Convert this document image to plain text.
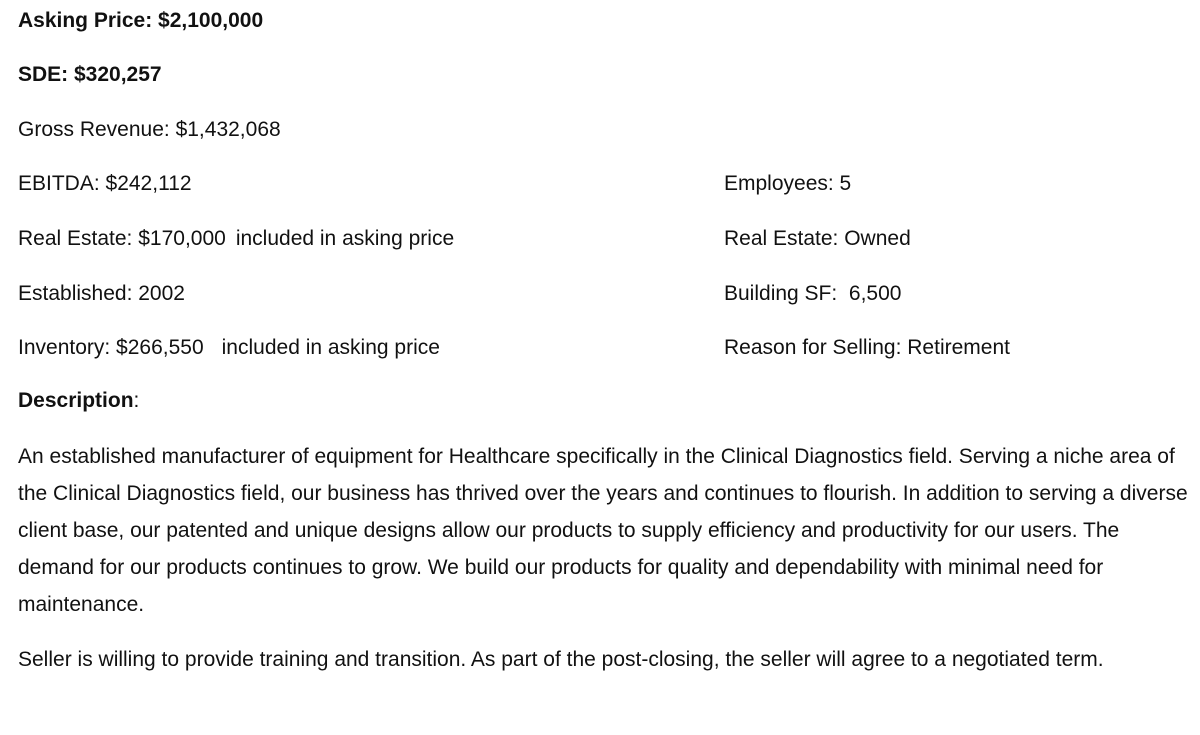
Asking Price: $2,100,000
SDE: $320,257
Gross Revenue: $1,432,068
EBITDA: $242,112
Real Estate: $170,000 included in asking price
Established: 2002
Inventory: $266,550 included in asking price
Employees: 5
Real Estate: Owned
Building SF:  6,500
Reason for Selling: Retirement
Description:

An established manufacturer of equipment for Healthcare specifically in the Clinical Diagnostics field. Serving a niche area of the Clinical Diagnostics field, our business has thrived over the years and continues to flourish. In addition to serving a diverse client base, our patented and unique designs allow our products to supply efficiency and productivity for our users. The demand for our products continues to grow. We build our products for quality and dependability with minimal need for maintenance.

Seller is willing to provide training and transition. As part of the post-closing, the seller will agree to a negotiated term.
